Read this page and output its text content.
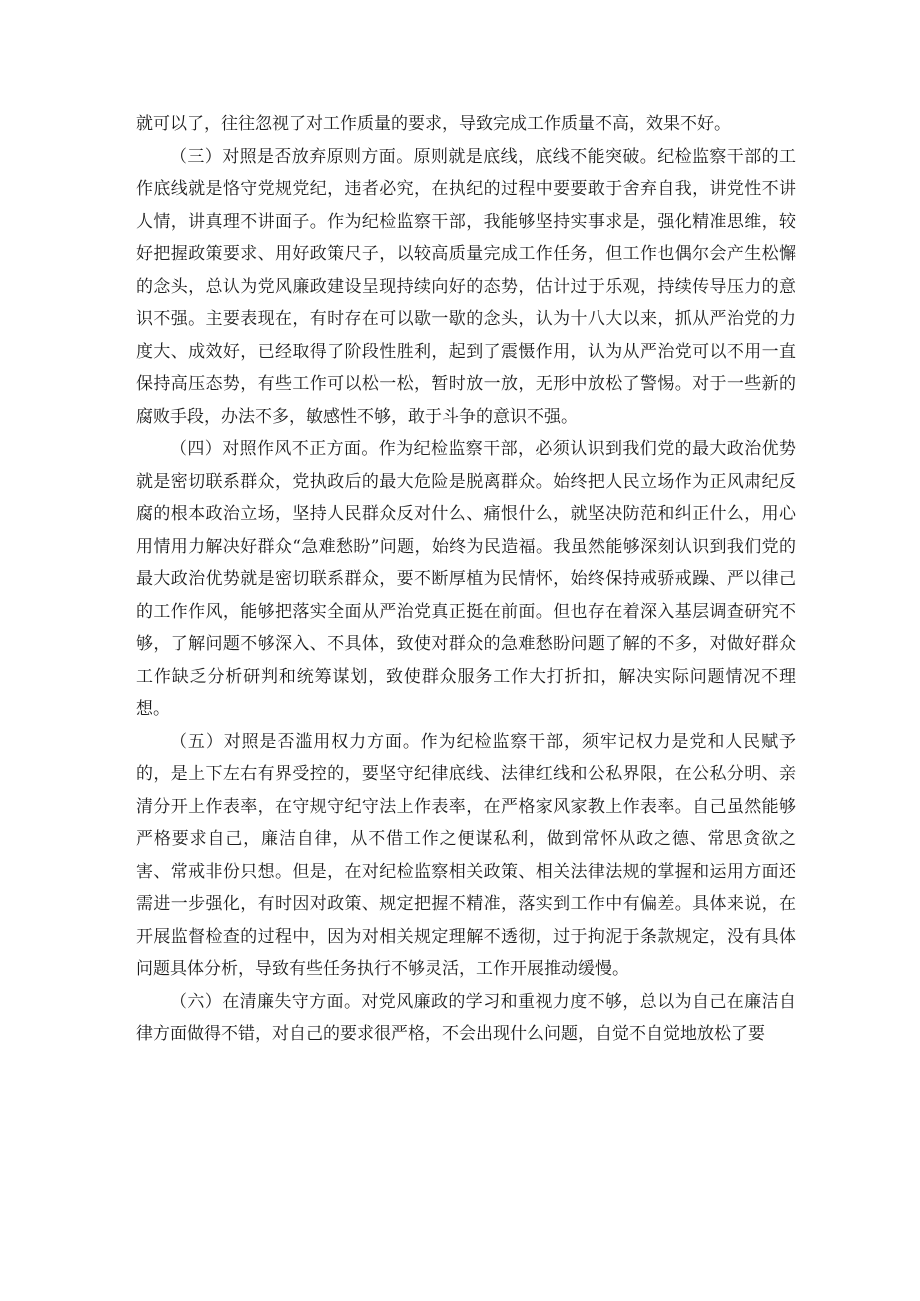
就可以了，往往忽视了对工作质量的要求，导致完成工作质量不高，效果不好。

（三）对照是否放弃原则方面。原则就是底线，底线不能突破。纪检监察干部的工作底线就是恪守党规党纪，违者必究，在执纪的过程中要要敢于舍弃自我，讲党性不讲人情，讲真理不讲面子。作为纪检监察干部，我能够坚持实事求是，强化精准思维，较好把握政策要求、用好政策尺子，以较高质量完成工作任务，但工作也偶尔会产生松懈的念头，总认为党风廉政建设呈现持续向好的态势，估计过于乐观，持续传导压力的意识不强。主要表现在，有时存在可以歇一歇的念头，认为十八大以来，抓从严治党的力度大、成效好，已经取得了阶段性胜利，起到了震慑作用，认为从严治党可以不用一直保持高压态势，有些工作可以松一松，暂时放一放，无形中放松了警惕。对于一些新的腐败手段，办法不多，敏感性不够，敢于斗争的意识不强。

（四）对照作风不正方面。作为纪检监察干部，必须认识到我们党的最大政治优势就是密切联系群众，党执政后的最大危险是脱离群众。始终把人民立场作为正风肃纪反腐的根本政治立场，坚持人民群众反对什么、痛恨什么，就坚决防范和纠正什么，用心用情用力解决好群众“急难愁盼”问题，始终为民造福。我虽然能够深刻认识到我们党的最大政治优势就是密切联系群众，要不断厚植为民情怀，始终保持戒骄戒躁、严以律己的工作作风，能够把落实全面从严治党真正挺在前面。但也存在着深入基层调查研究不够，了解问题不够深入、不具体，致使对群众的急难愁盼问题了解的不多，对做好群众工作缺乏分析研判和统筹谋划，致使群众服务工作大打折扣，解决实际问题情况不理想。

（五）对照是否滥用权力方面。作为纪检监察干部，须牢记权力是党和人民赋予的，是上下左右有界受控的，要坚守纪律底线、法律红线和公私界限，在公私分明、亲清分开上作表率，在守规守纪守法上作表率，在严格家风家教上作表率。自己虽然能够严格要求自己，廉洁自律，从不借工作之便谋私利，做到常怀从政之德、常思贪欲之害、常戒非份只想。但是，在对纪检监察相关政策、相关法律法规的掌握和运用方面还需进一步强化，有时因对政策、规定把握不精准，落实到工作中有偏差。具体来说，在开展监督检查的过程中，因为对相关规定理解不透彻，过于拘泥于条款规定，没有具体问题具体分析，导致有些任务执行不够灵活，工作开展推动缓慢。

（六）在清廉失守方面。对党风廉政的学习和重视力度不够，总以为自己在廉洁自律方面做得不错，对自己的要求很严格，不会出现什么问题，自觉不自觉地放松了要
